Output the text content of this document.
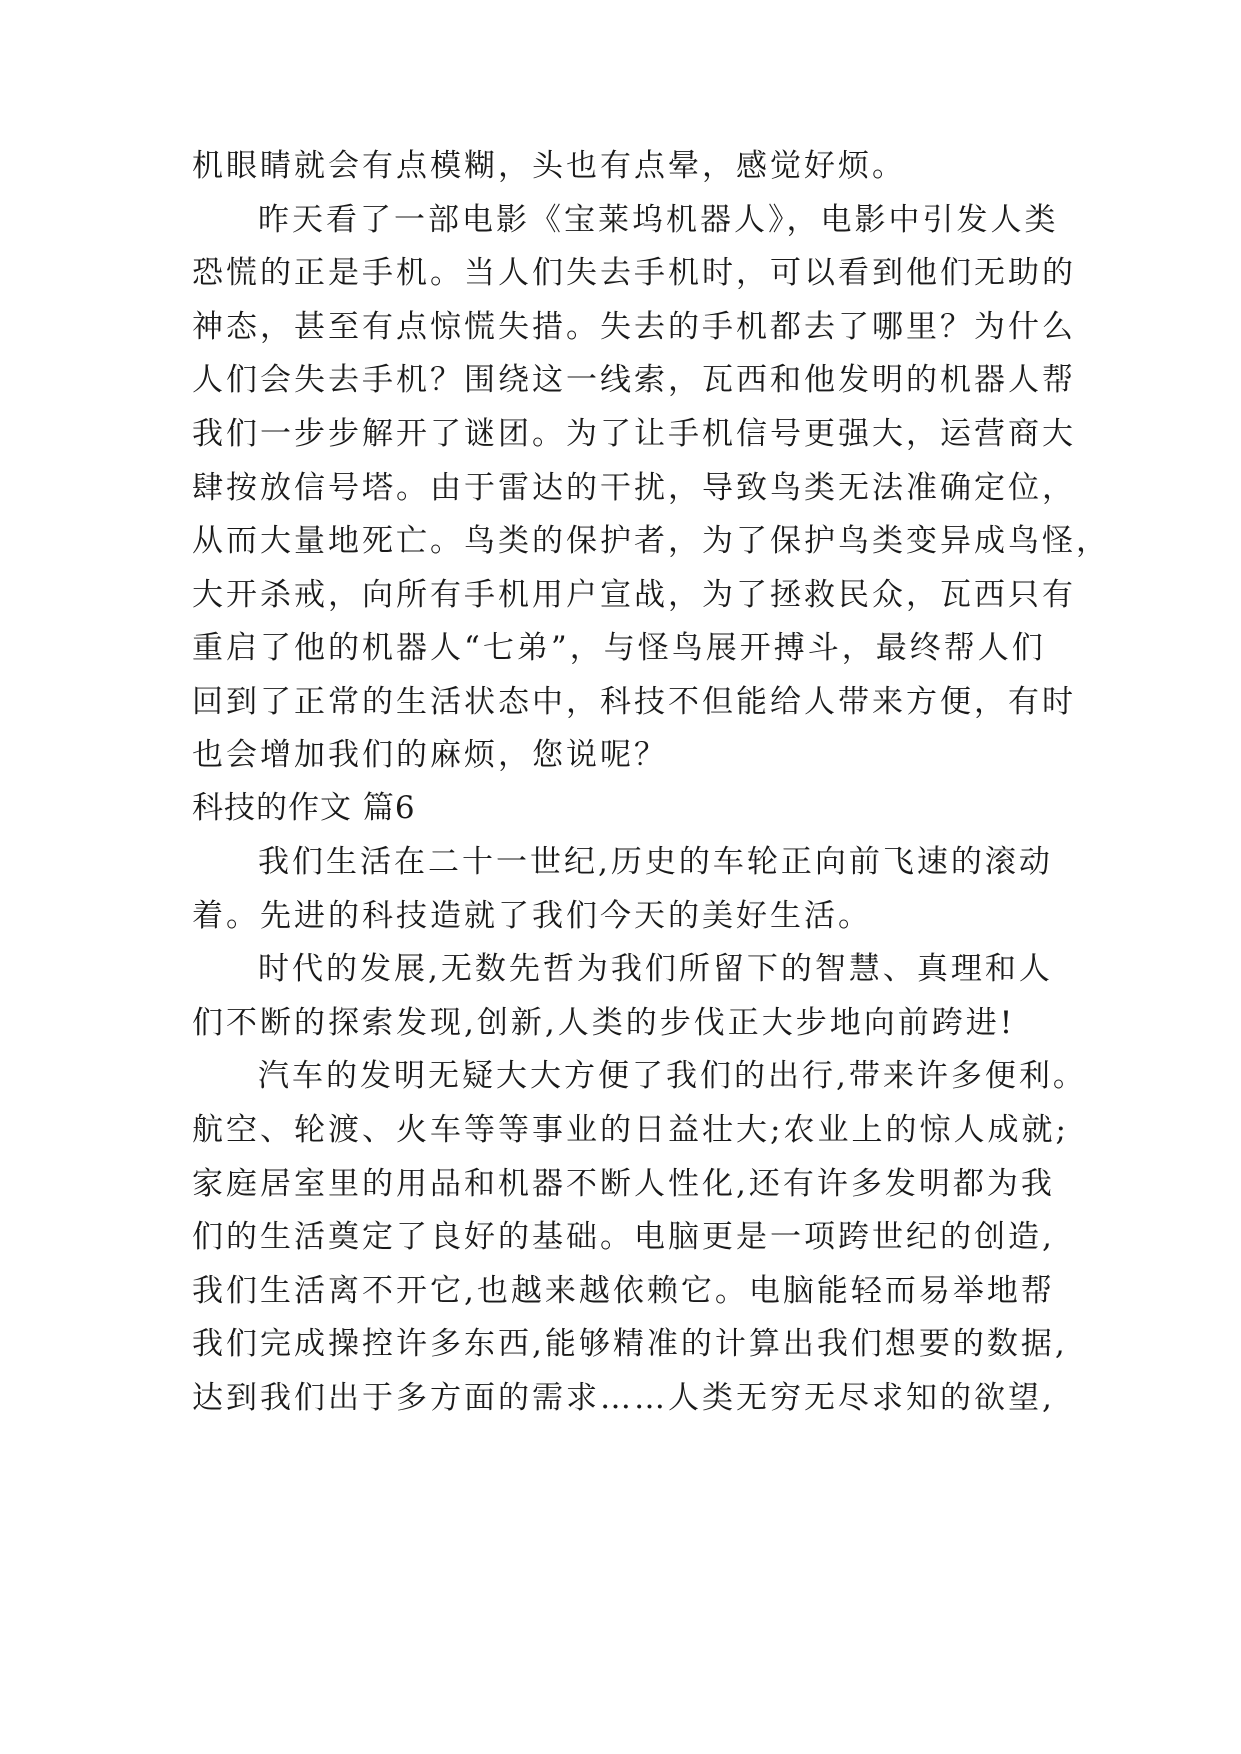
机眼睛就会有点模糊，头也有点晕，感觉好烦。
昨天看了一部电影《宝莱坞机器人》，电影中引发人类
恐慌的正是手机。当人们失去手机时，可以看到他们无助的
神态，甚至有点惊慌失措。失去的手机都去了哪里？为什么
人们会失去手机？围绕这一线索，瓦西和他发明的机器人帮
我们一步步解开了谜团。为了让手机信号更强大，运营商大
肆按放信号塔。由于雷达的干扰，导致鸟类无法准确定位，
从而大量地死亡。鸟类的保护者，为了保护鸟类变异成鸟怪，
大开杀戒，向所有手机用户宣战，为了拯救民众，瓦西只有
重启了他的机器人“七弟”，与怪鸟展开搏斗，最终帮人们
回到了正常的生活状态中，科技不但能给人带来方便，有时
也会增加我们的麻烦，您说呢？
科技的作文 篇6
我们生活在二十一世纪,历史的车轮正向前飞速的滚动
着。先进的科技造就了我们今天的美好生活。
时代的发展,无数先哲为我们所留下的智慧、真理和人
们不断的探索发现,创新,人类的步伐正大步地向前跨进!
汽车的发明无疑大大方便了我们的出行,带来许多便利。
航空、轮渡、火车等等事业的日益壮大;农业上的惊人成就;
家庭居室里的用品和机器不断人性化,还有许多发明都为我
们的生活奠定了良好的基础。电脑更是一项跨世纪的创造,
我们生活离不开它,也越来越依赖它。电脑能轻而易举地帮
我们完成操控许多东西,能够精准的计算出我们想要的数据,
达到我们出于多方面的需求……人类无穷无尽求知的欲望,
